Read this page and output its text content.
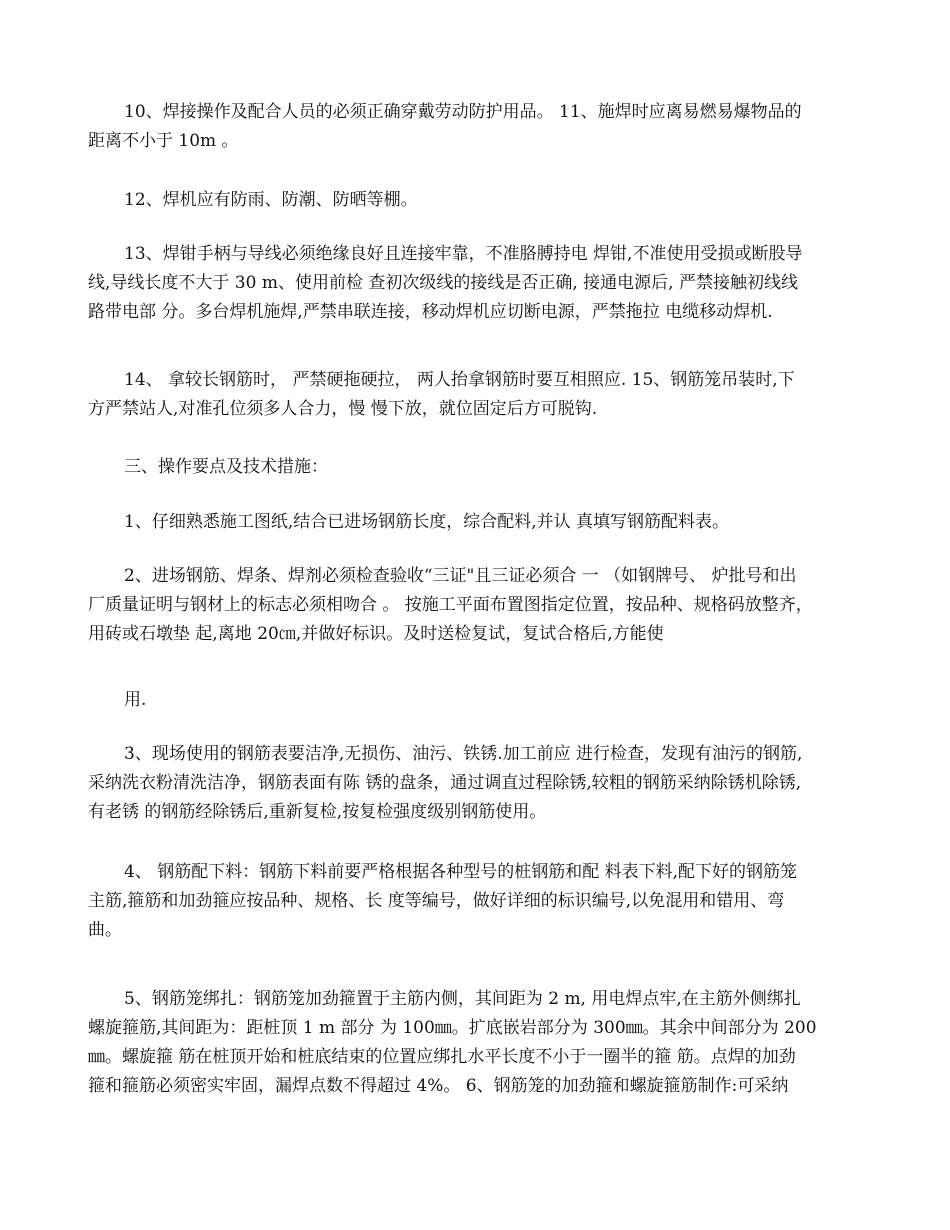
10、焊接操作及配合人员的必须正确穿戴劳动防护用品。 11、施焊时应离易燃易爆物品的
距离不小于 10m 。
12、焊机应有防雨、防潮、防晒等棚。
13、焊钳手柄与导线必须绝缘良好且连接牢靠，不准胳膊持电 焊钳,不准使用受损或断股导
线,导线长度不大于 30 m、使用前检 查初次级线的接线是否正确, 接通电源后, 严禁接触初线线
路带电部 分。多台焊机施焊,严禁串联连接，移动焊机应切断电源，严禁拖拉 电缆移动焊机.
14、 拿较长钢筋时， 严禁硬拖硬拉， 两人抬拿钢筋时要互相照应. 15、钢筋笼吊装时,下
方严禁站人,对准孔位须多人合力，慢 慢下放，就位固定后方可脱钩.
三、操作要点及技术措施：
1、仔细熟悉施工图纸,结合已进场钢筋长度，综合配料,并认 真填写钢筋配料表。
2、进场钢筋、焊条、焊剂必须检查验收“三证"且三证必须合 一 （如钢牌号、 炉批号和出
厂质量证明与钢材上的标志必须相吻合 。 按施工平面布置图指定位置，按品种、规格码放整齐，
用砖或石墩垫 起,离地 20㎝,并做好标识。及时送检复试，复试合格后,方能使
用.
3、现场使用的钢筋表要洁净,无损伤、油污、铁锈.加工前应 进行检查，发现有油污的钢筋,
采纳洗衣粉清洗洁净，钢筋表面有陈 锈的盘条，通过调直过程除锈,较粗的钢筋采纳除锈机除锈,
有老锈 的钢筋经除锈后,重新复检,按复检强度级别钢筋使用。
4、 钢筋配下料：钢筋下料前要严格根据各种型号的桩钢筋和配 料表下料,配下好的钢筋笼
主筋,箍筋和加劲箍应按品种、规格、长 度等编号，做好详细的标识编号,以免混用和错用、弯
曲。
5、钢筋笼绑扎：钢筋笼加劲箍置于主筋内侧，其间距为 2 m, 用电焊点牢,在主筋外侧绑扎
螺旋箍筋,其间距为：距桩顶 1 m 部分 为 100㎜。扩底嵌岩部分为 300㎜。其余中间部分为 200
㎜。螺旋箍 筋在桩顶开始和桩底结束的位置应绑扎水平长度不小于一圈半的箍 筋。点焊的加劲
箍和箍筋必须密实牢固，漏焊点数不得超过 4%。 6、钢筋笼的加劲箍和螺旋箍筋制作:可采纳
